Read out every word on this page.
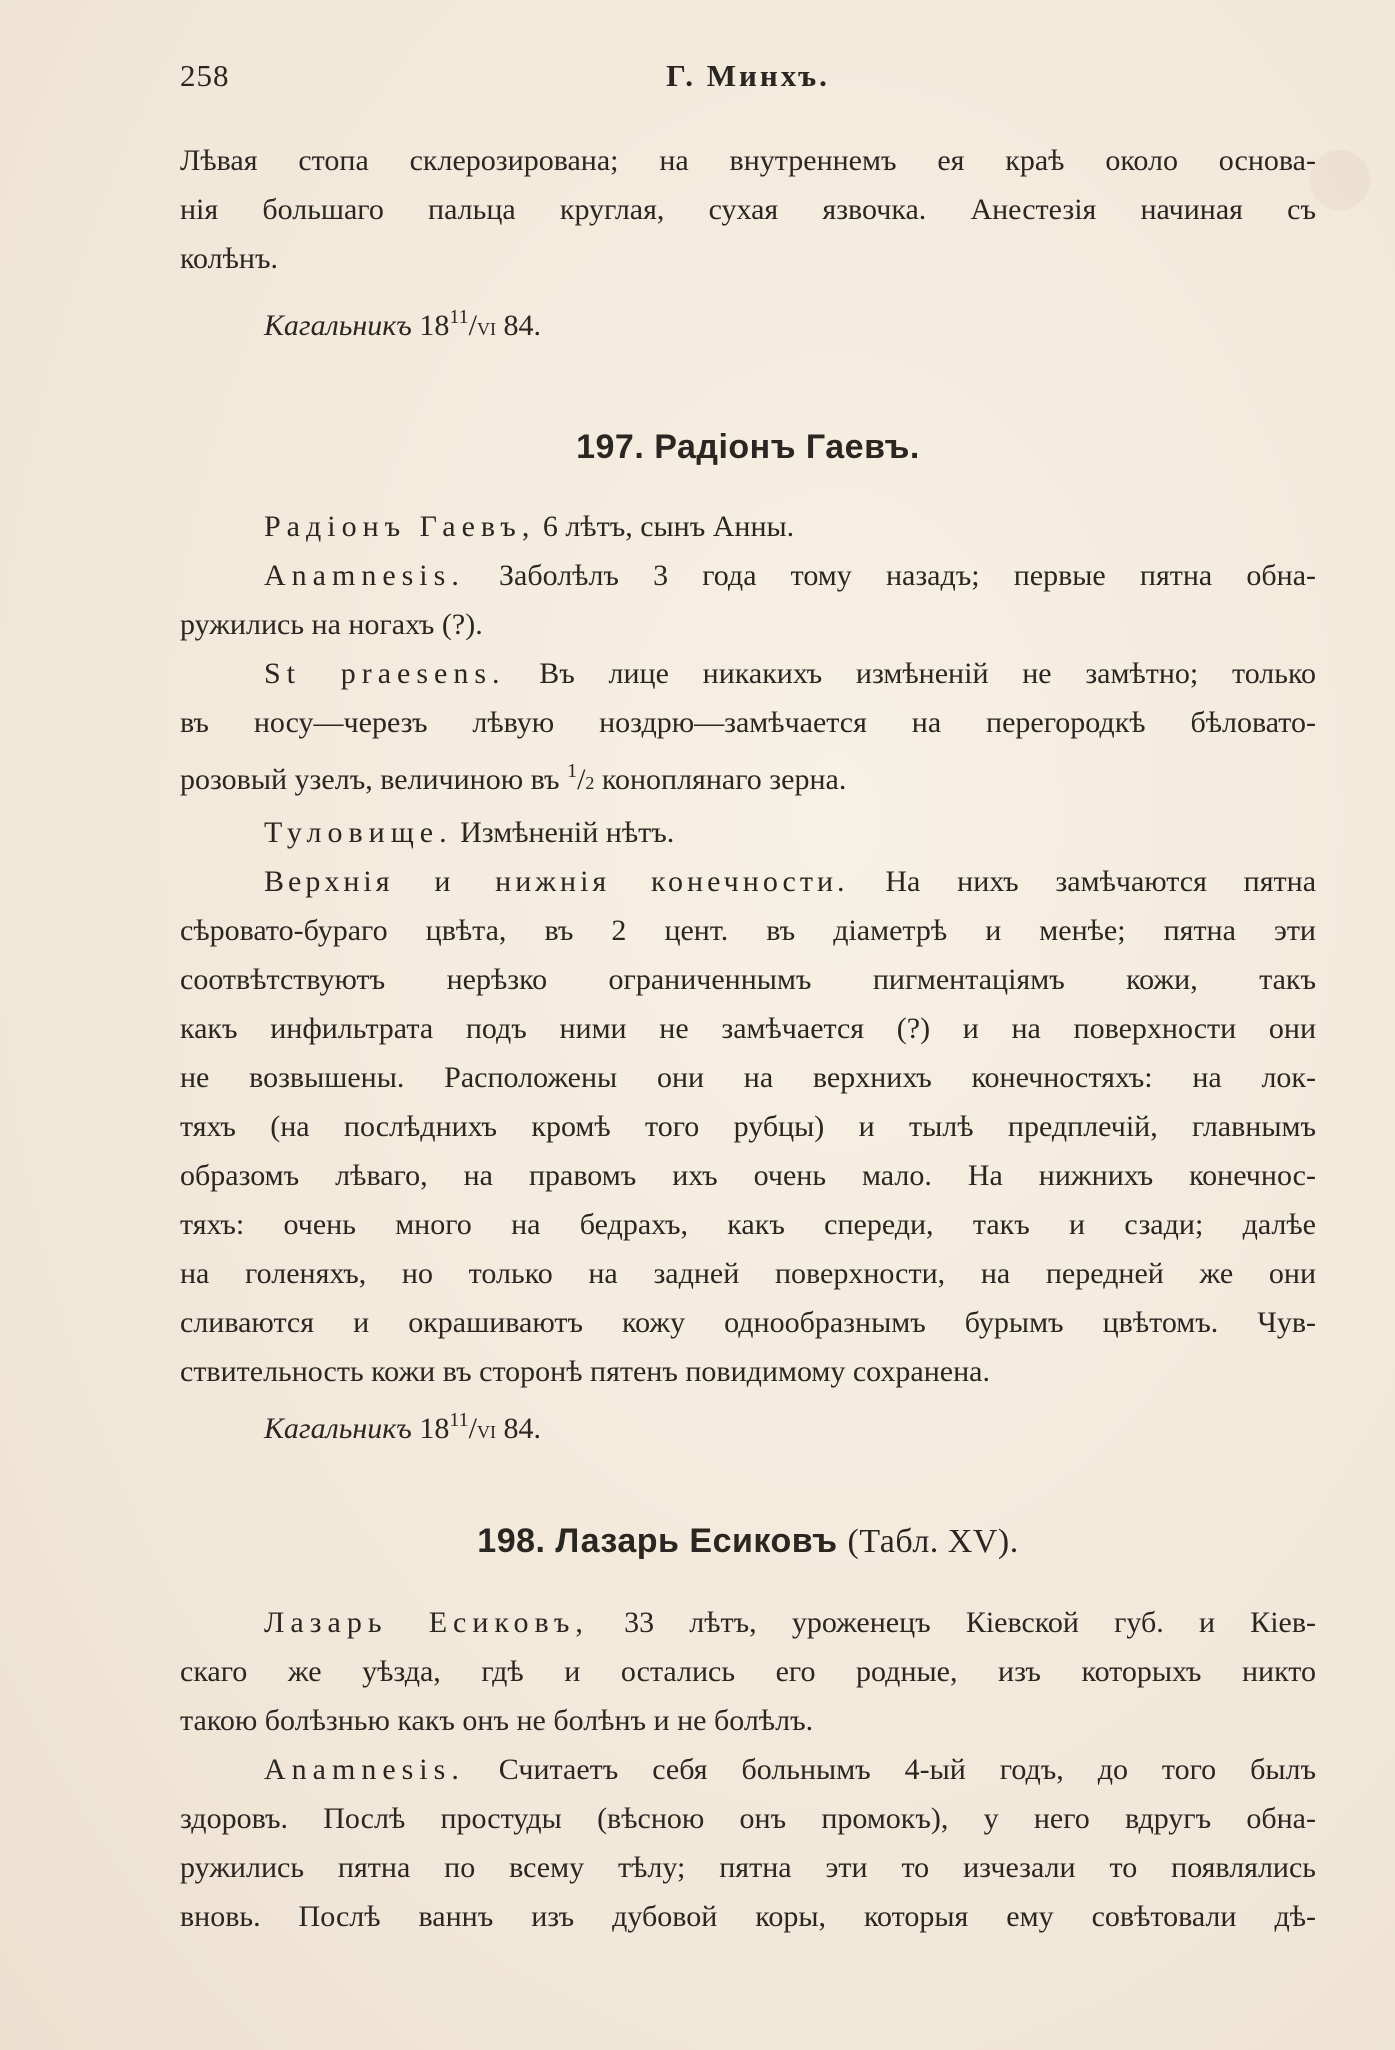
258	Г. Минхъ.
Лѣвая стопа склерозирована; на внутреннемъ ея краѣ около основа-
нія большаго пальца круглая, сухая язвочка. Анестезія начиная съ
колѣнъ.
Кагальникъ $18^{11}/VI$ 84.
197. Радіонъ Гаевъ.
Радіонъ Гаевъ, 6 лѣтъ, сынъ Анны.
Anamnesis. Заболѣлъ 3 года тому назадъ; первые пятна обна-
ружились на ногахъ (?).
St praesens. Въ лице никакихъ измѣненій не замѣтно; только
въ носу—черезъ лѣвую ноздрю—замѣчается на перегородкѣ бѣловато-
розовый узелъ, величиною въ $^1$/2 коноплянаго зерна.
Туловище. Измѣненій нѣтъ.
Верхнія и нижнія конечности. На нихъ замѣчаются пятна
сѣровато-бураго цвѣта, въ 2 цент. въ діаметрѣ и менѣе; пятна эти
соотвѣтствуютъ нерѣзко ограниченнымъ пигментаціямъ кожи, такъ
какъ инфильтрата подъ ними не замѣчается (?) и на поверхности они
не возвышены. Расположены они на верхнихъ конечностяхъ: на лок-
тяхъ (на послѣднихъ кромѣ того рубцы) и тылѣ предплечій, главнымъ
образомъ лѣваго, на правомъ ихъ очень мало. На нижнихъ конечнос-
тяхъ: очень много на бедрахъ, какъ спереди, такъ и сзади; далѣе
на голеняхъ, но только на задней поверхности, на передней же они
сливаются и окрашиваютъ кожу однообразнымъ бурымъ цвѣтомъ. Чув-
ствительность кожи въ сторонѣ пятенъ повидимому сохранена.
Кагальникъ $18^{11}/VI$ 84.
198. Лазарь Есиковъ (Табл. XV).
Лазарь Есиковъ, 33 лѣтъ, уроженецъ Кіевской губ. и Кіев-
скаго же уѣзда, гдѣ и остались его родные, изъ которыхъ никто
такою болѣзнью какъ онъ не болѣнъ и не болѣлъ.
Anamnesis. Считаетъ себя больнымъ 4-ый годъ, до того былъ
здоровъ. Послѣ простуды (вѣсною онъ промокъ), у него вдругъ обна-
ружились пятна по всему тѣлу; пятна эти то изчезали то появлялись
вновь. Послѣ ваннъ изъ дубовой коры, которыя ему совѣтовали дѣ-
